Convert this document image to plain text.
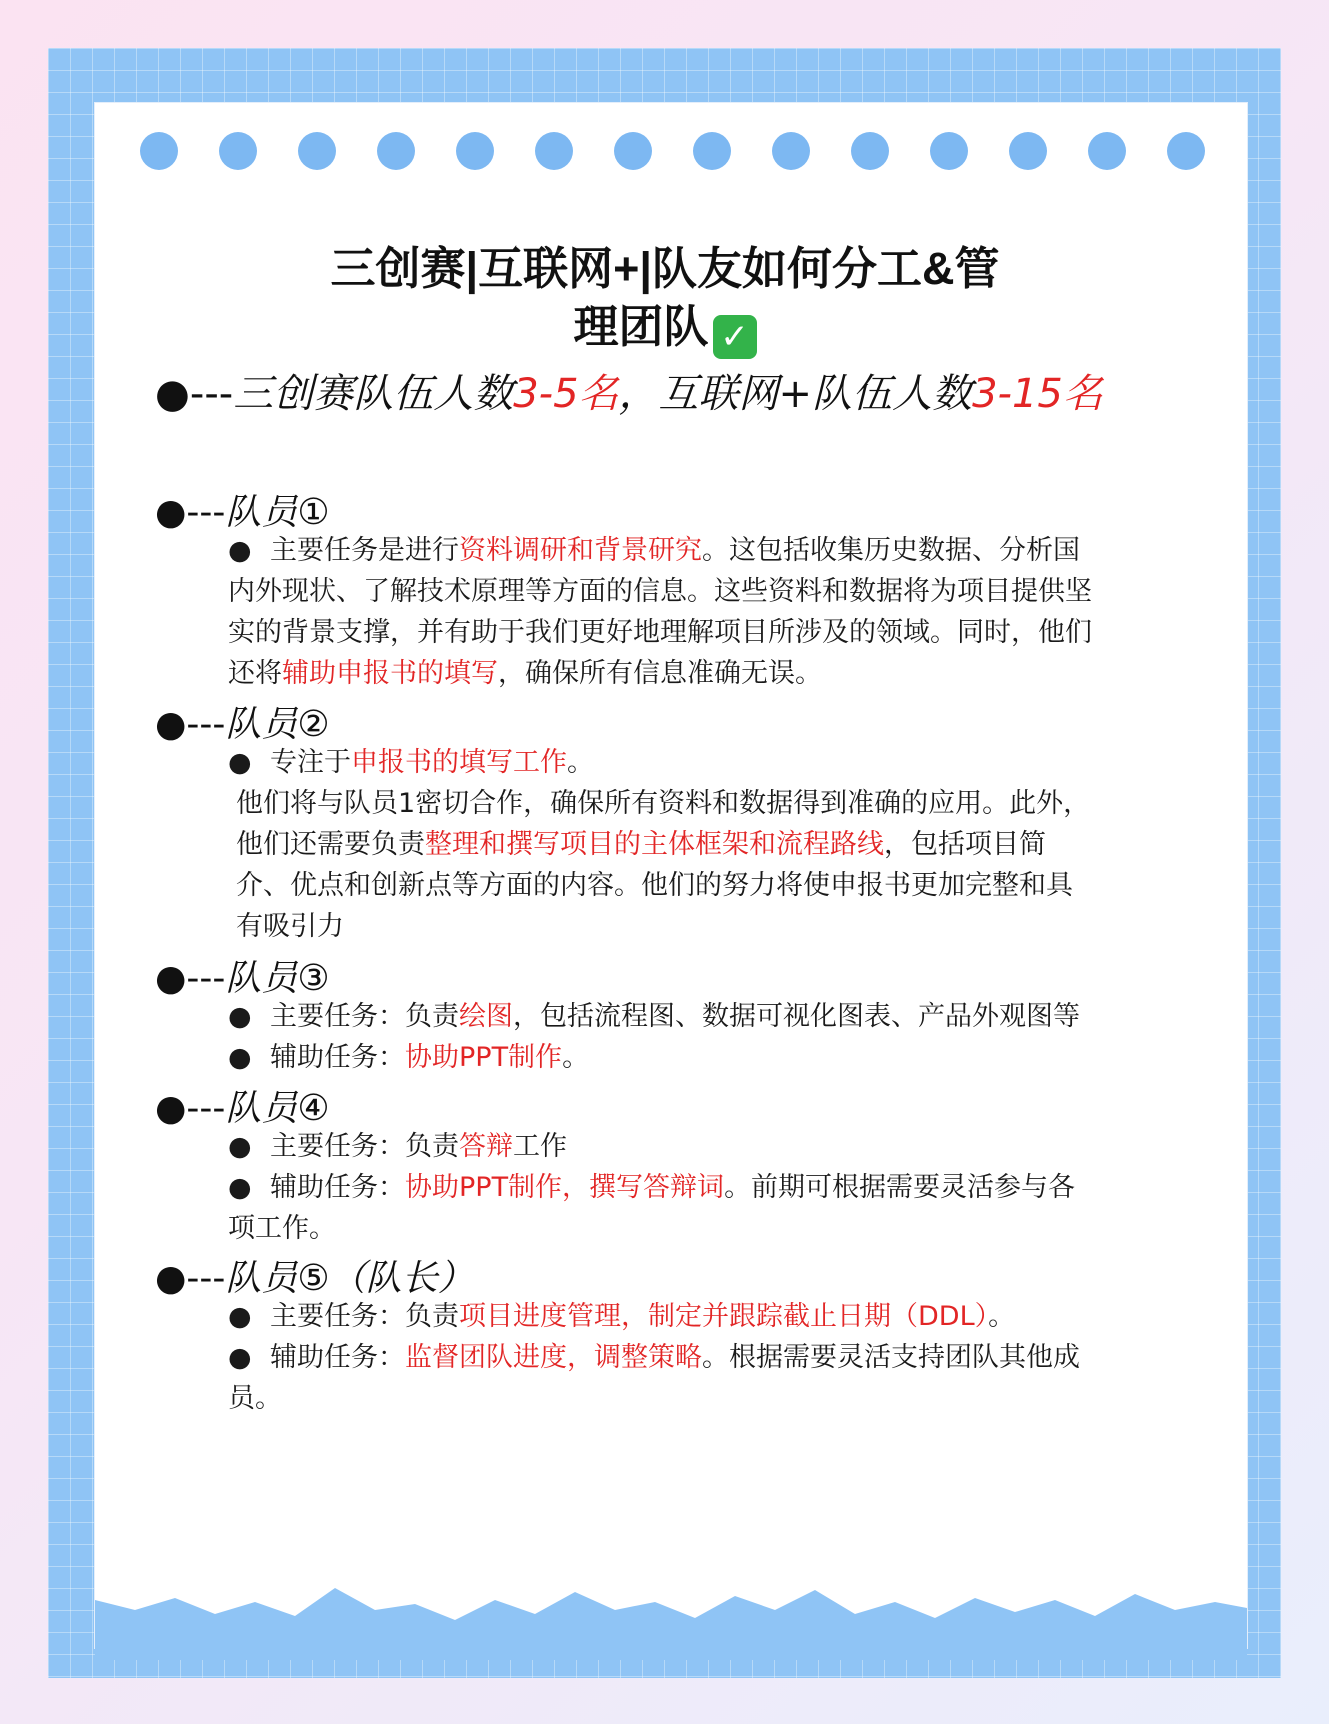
三创赛|互联网+|队友如何分工&管
理团队 ✓
●---三创赛队伍人数3-5名，互联网+队伍人数3-15名
●---队员①

● 主要任务是进行资料调研和背景研究。这包括收集历史数据、分析国

内外现状、了解技术原理等方面的信息。这些资料和数据将为项目提供坚

实的背景支撑，并有助于我们更好地理解项目所涉及的领域。同时，他们

还将辅助申报书的填写，确保所有信息准确无误。

●---队员②

● 专注于申报书的填写工作。

他们将与队员1密切合作，确保所有资料和数据得到准确的应用。此外，

他们还需要负责整理和撰写项目的主体框架和流程路线，包括项目简

介、优点和创新点等方面的内容。他们的努力将使申报书更加完整和具

有吸引力

●---队员③

● 主要任务：负责绘图，包括流程图、数据可视化图表、产品外观图等

● 辅助任务：协助PPT制作。

●---队员④

● 主要任务：负责答辩工作

● 辅助任务：协助PPT制作，撰写答辩词。前期可根据需要灵活参与各

项工作。

●---队员⑤（队长）

● 主要任务：负责项目进度管理，制定并跟踪截止日期（DDL）。

● 辅助任务：监督团队进度，调整策略。根据需要灵活支持团队其他成

员。
